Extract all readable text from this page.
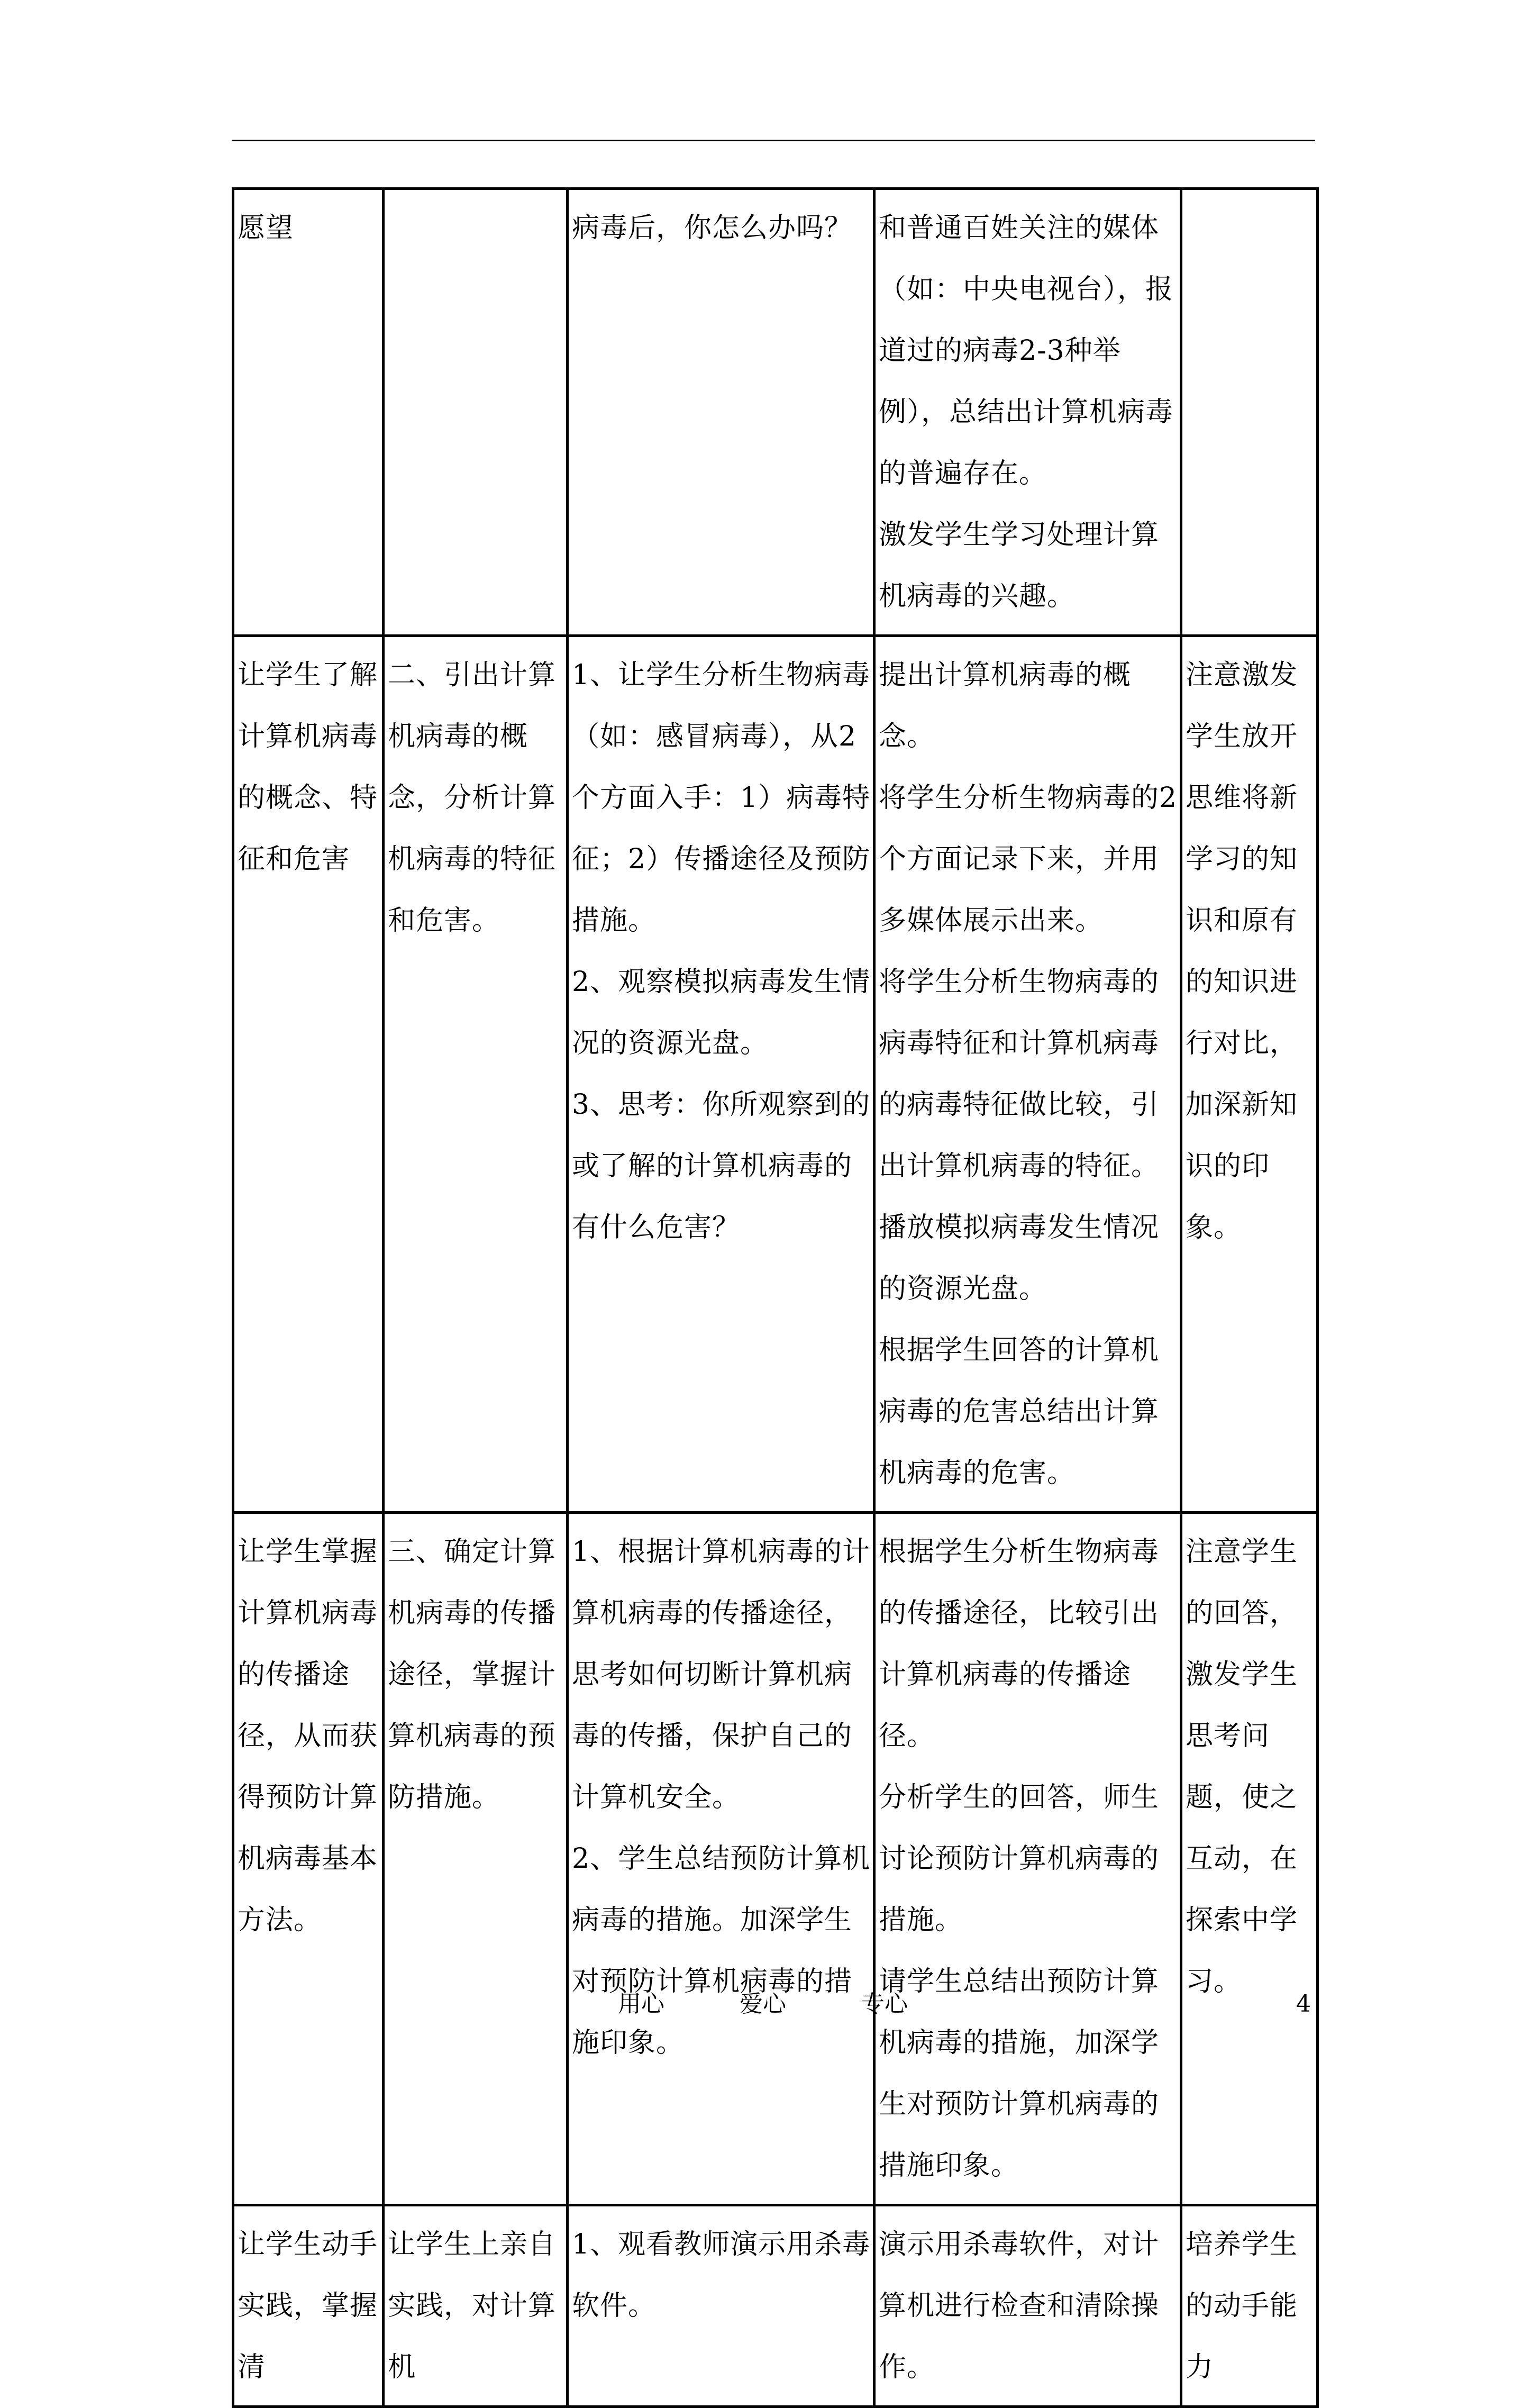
愿望		病毒后，你怎么办吗？	和普通百姓关注的媒体（如：中央电视台），报道过的病毒2-3种举例），总结出计算机病毒的普遍存在。
激发学生学习处理计算机病毒的兴趣。	

让学生了解计算机病毒的概念、特征和危害	二、引出计算机病毒的概念，分析计算机病毒的特征和危害。	1、让学生分析生物病毒（如：感冒病毒），从2个方面入手：1）病毒特征；2）传播途径及预防措施。
2、观察模拟病毒发生情况的资源光盘。
3、思考：你所观察到的或了解的计算机病毒的有什么危害？	提出计算机病毒的概念。
将学生分析生物病毒的2个方面记录下来，并用多媒体展示出来。
将学生分析生物病毒的病毒特征和计算机病毒的病毒特征做比较，引出计算机病毒的特征。
播放模拟病毒发生情况的资源光盘。
根据学生回答的计算机病毒的危害总结出计算机病毒的危害。	注意激发学生放开思维将新学习的知识和原有的知识进行对比，加深新知识的印象。

让学生掌握计算机病毒的传播途径，从而获得预防计算机病毒基本方法。	三、确定计算机病毒的传播途径，掌握计算机病毒的预防措施。	1、根据计算机病毒的计算机病毒的传播途径，思考如何切断计算机病毒的传播，保护自己的计算机安全。
2、学生总结预防计算机病毒的措施。加深学生对预防计算机病毒的措施印象。	根据学生分析生物病毒的传播途径，比较引出计算机病毒的传播途径。
分析学生的回答，师生讨论预防计算机病毒的措施。
请学生总结出预防计算机病毒的措施，加深学生对预防计算机病毒的措施印象。	注意学生的回答，激发学生思考问题，使之互动，在探索中学习。

让学生动手实践，掌握清	让学生上亲自实践，对计算机	1、观看教师演示用杀毒软件。	演示用杀毒软件，对计算机进行检查和清除操作。	培养学生的动手能力
用心	爱心	专心	4
